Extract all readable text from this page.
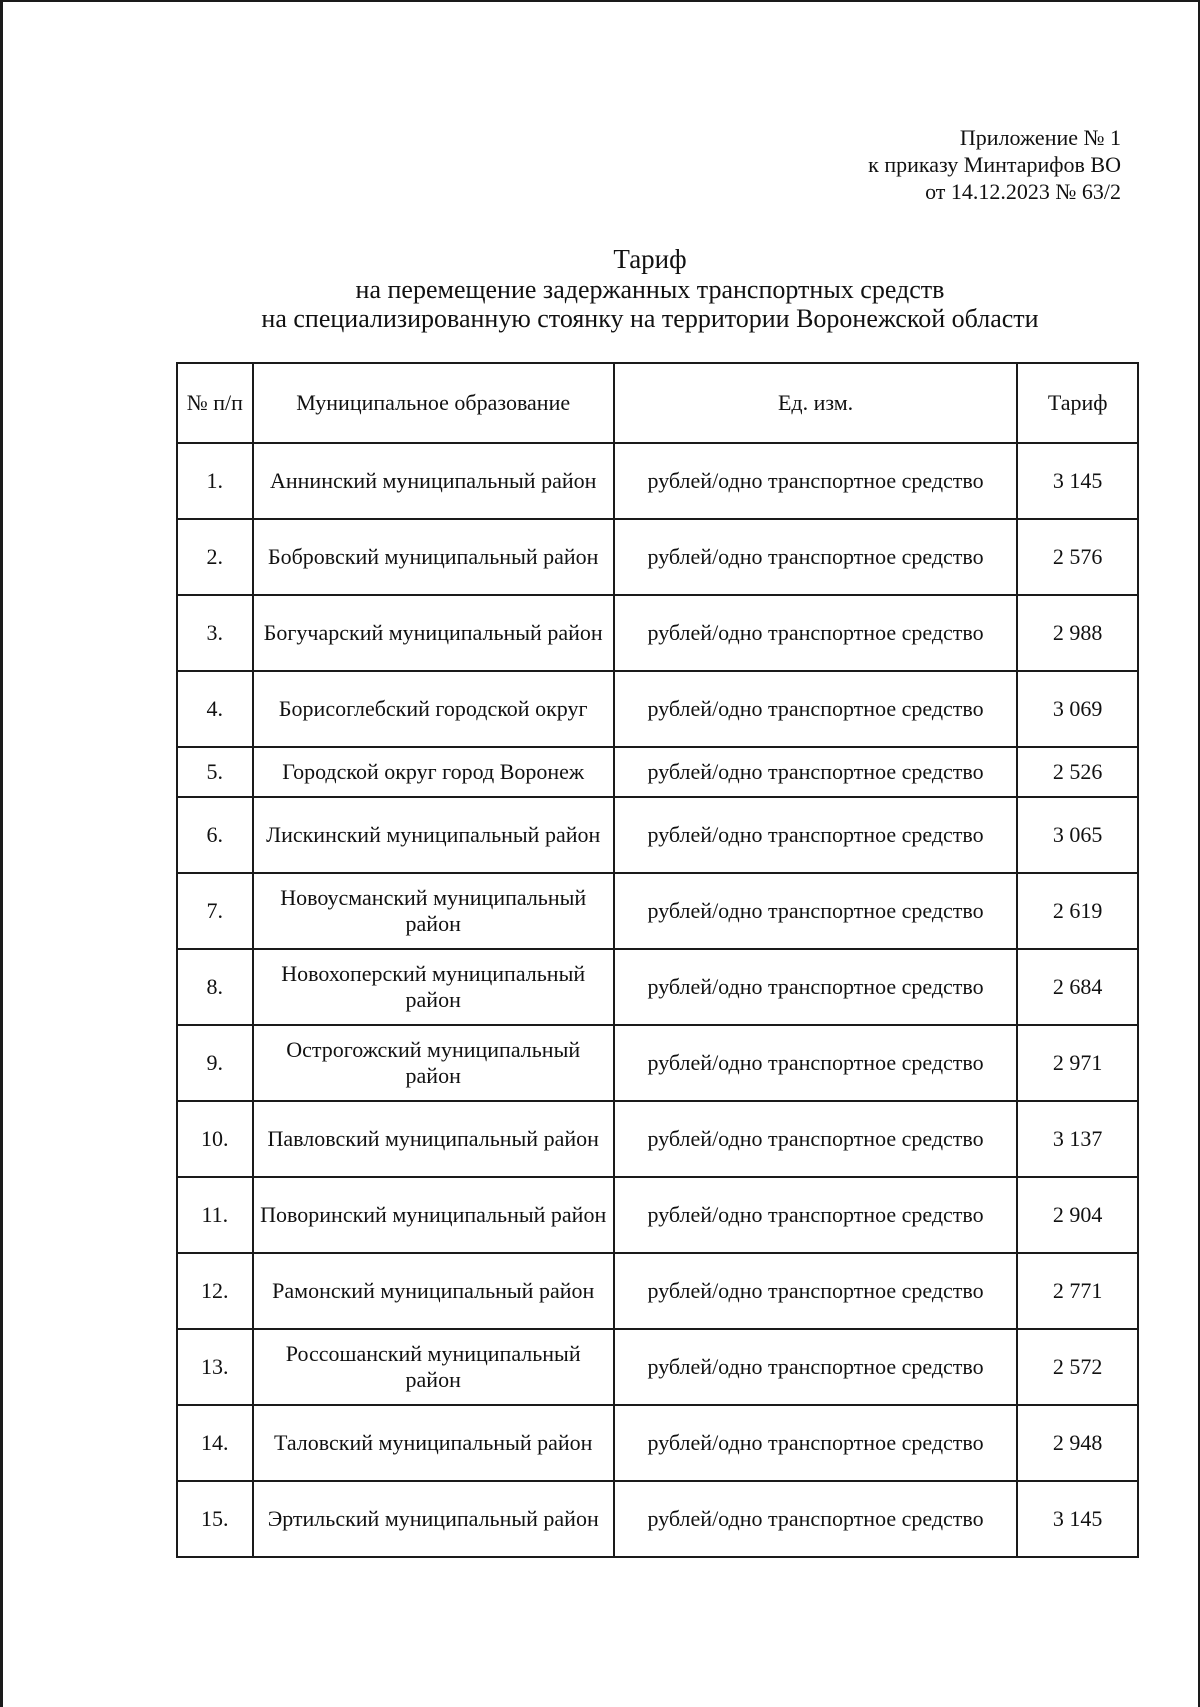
Приложение № 1
к приказу Минтарифов ВО
от 14.12.2023 № 63/2
Тариф
на перемещение задержанных транспортных средств
на специализированную стоянку на территории Воронежской области
№ п/п	Муниципальное образование	Ед. изм.	Тариф
1.	Аннинский муниципальный район	рублей/одно транспортное средство	3 145
2.	Бобровский муниципальный район	рублей/одно транспортное средство	2 576
3.	Богучарский муниципальный район	рублей/одно транспортное средство	2 988
4.	Борисоглебский городской округ	рублей/одно транспортное средство	3 069
5.	Городской округ город Воронеж	рублей/одно транспортное средство	2 526
6.	Лискинский муниципальный район	рублей/одно транспортное средство	3 065
7.	Новоусманский муниципальный район	рублей/одно транспортное средство	2 619
8.	Новохоперский муниципальный район	рублей/одно транспортное средство	2 684
9.	Острогожский муниципальный район	рублей/одно транспортное средство	2 971
10.	Павловский муниципальный район	рублей/одно транспортное средство	3 137
11.	Поворинский муниципальный район	рублей/одно транспортное средство	2 904
12.	Рамонский муниципальный район	рублей/одно транспортное средство	2 771
13.	Россошанский муниципальный район	рублей/одно транспортное средство	2 572
14.	Таловский муниципальный район	рублей/одно транспортное средство	2 948
15.	Эртильский муниципальный район	рублей/одно транспортное средство	3 145
